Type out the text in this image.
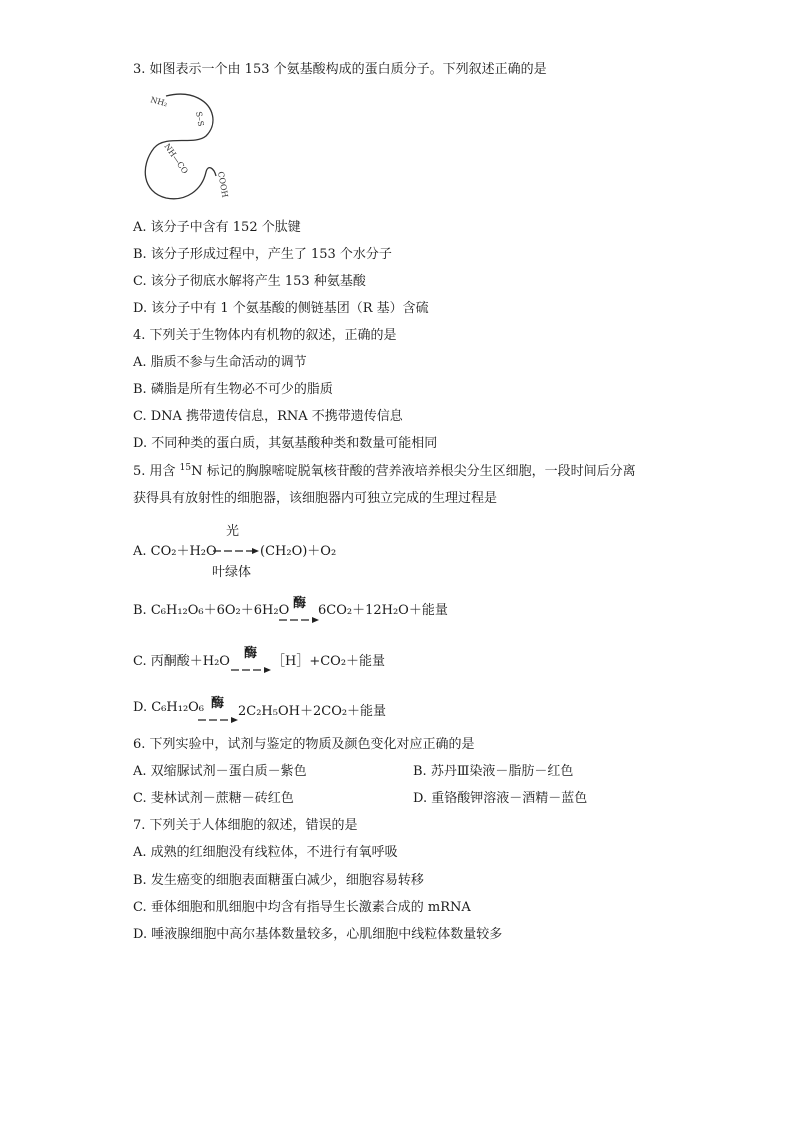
3. 如图表示一个由 153 个氨基酸构成的蛋白质分子。下列叙述正确的是
NH₂
S–S
NH—CO
COOH
A. 该分子中含有 152 个肽键
B. 该分子形成过程中，产生了 153 个水分子
C. 该分子彻底水解将产生 153 种氨基酸
D. 该分子中有 1 个氨基酸的侧链基团（R 基）含硫
4. 下列关于生物体内有机物的叙述，正确的是
A. 脂质不参与生命活动的调节
B. 磷脂是所有生物必不可少的脂质
C. DNA 携带遗传信息，RNA 不携带遗传信息
D. 不同种类的蛋白质，其氨基酸种类和数量可能相同
5. 用含 $^{15}$N 标记的胸腺嘧啶脱氧核苷酸的营养液培养根尖分生区细胞，一段时间后分离
获得具有放射性的细胞器，该细胞器内可独立完成的生理过程是
A. CO₂＋H₂O
光
(CH₂O)＋O₂
叶绿体
B. C₆H₁₂O₆＋6O₂＋6H₂O 酶 6CO₂＋12H₂O＋能量
C. 丙酮酸＋H₂O
酶
［H］+CO₂＋能量
D. C₆H₁₂O₆ 酶
2C₂H₅OH＋2CO₂＋能量
6. 下列实验中，试剂与鉴定的物质及颜色变化对应正确的是
A. 双缩脲试剂－蛋白质－紫色	B. 苏丹Ⅲ染液－脂肪－红色
C. 斐林试剂－蔗糖－砖红色	D. 重铬酸钾溶液－酒精－蓝色
7. 下列关于人体细胞的叙述，错误的是
A. 成熟的红细胞没有线粒体，不进行有氧呼吸
B. 发生癌变的细胞表面糖蛋白减少，细胞容易转移
C. 垂体细胞和肌细胞中均含有指导生长激素合成的 mRNA
D. 唾液腺细胞中高尔基体数量较多，心肌细胞中线粒体数量较多
